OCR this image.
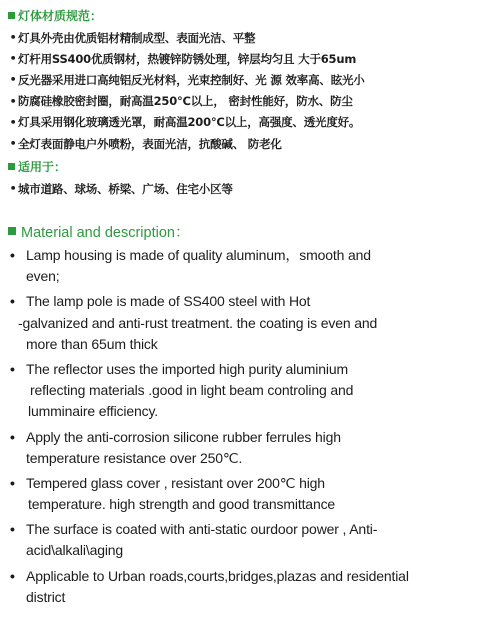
灯体材质规范：
• 灯具外壳由优质铝材精制成型、表面光洁、平整
• 灯杆用SS400优质钢材，热镀锌防锈处理，锌层均匀且 大于65um
• 反光器采用进口高纯铝反光材料，光束控制好、光 源 效率高、眩光小
• 防腐硅橡胶密封圈，耐高温250℃以上， 密封性能好，防水、防尘
• 灯具采用钢化玻璃透光罩，耐高温200℃以上，高强度、透光度好。
• 全灯表面静电户外喷粉，表面光洁，抗酸碱、 防老化
适用于：
• 城市道路、球场、桥梁、广场、住宅小区等
Material and description：
• Lamp housing is made of quality aluminum，smooth and
even;
• The lamp pole is made of SS400 steel with Hot
-galvanized and anti-rust treatment. the coating is even and
more than 65um thick
• The reflector uses the imported high purity aluminium
reflecting materials .good in light beam controling and
lumminaire efficiency.
• Apply the anti-corrosion silicone rubber ferrules high
temperature resistance over 250℃.
• Tempered glass cover , resistant over 200℃ high
temperature. high strength and good transmittance
• The surface is coated with anti-static ourdoor power , Anti-
acid\alkali\aging
• Applicable to Urban roads,courts,bridges,plazas and residential
district
